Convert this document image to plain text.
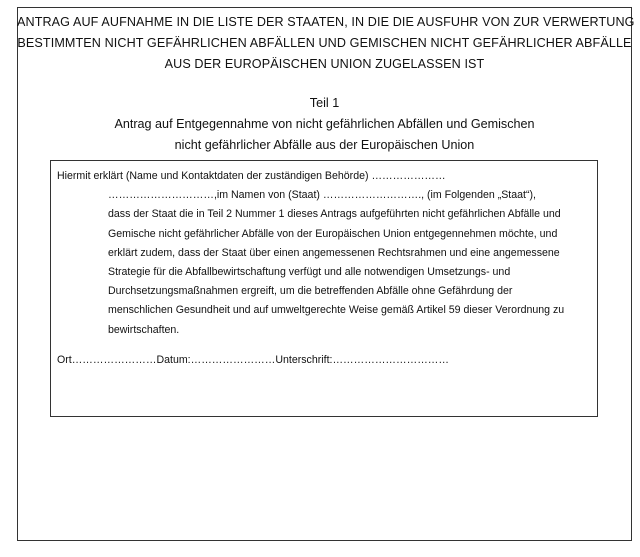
ANTRAG AUF AUFNAHME IN DIE LISTE DER STAATEN, IN DIE DIE AUSFUHR VON ZUR VERWERTUNG
BESTIMMTEN NICHT GEFÄHRLICHEN ABFÄLLEN UND GEMISCHEN NICHT GEFÄHRLICHER ABFÄLLE
AUS DER EUROPÄISCHEN UNION ZUGELASSEN IST
Teil 1
Antrag auf Entgegennahme von nicht gefährlichen Abfällen und Gemischen
nicht gefährlicher Abfälle aus der Europäischen Union
Hiermit erklärt (Name und Kontaktdaten der zuständigen Behörde) …………………
…………………………,im Namen von (Staat) ………………………., (im Folgenden „Staat“),
dass der Staat die in Teil 2 Nummer 1 dieses Antrags aufgeführten nicht gefährlichen Abfälle und
Gemische nicht gefährlicher Abfälle von der Europäischen Union entgegennehmen möchte, und
erklärt zudem, dass der Staat über einen angemessenen Rechtsrahmen und eine angemessene
Strategie für die Abfallbewirtschaftung verfügt und alle notwendigen Umsetzungs- und
Durchsetzungsmaßnahmen ergreift, um die betreffenden Abfälle ohne Gefährdung der
menschlichen Gesundheit und auf umweltgerechte Weise gemäß Artikel 59 dieser Verordnung zu
bewirtschaften.
Ort……………………Datum:……………………Unterschrift:……………………………
